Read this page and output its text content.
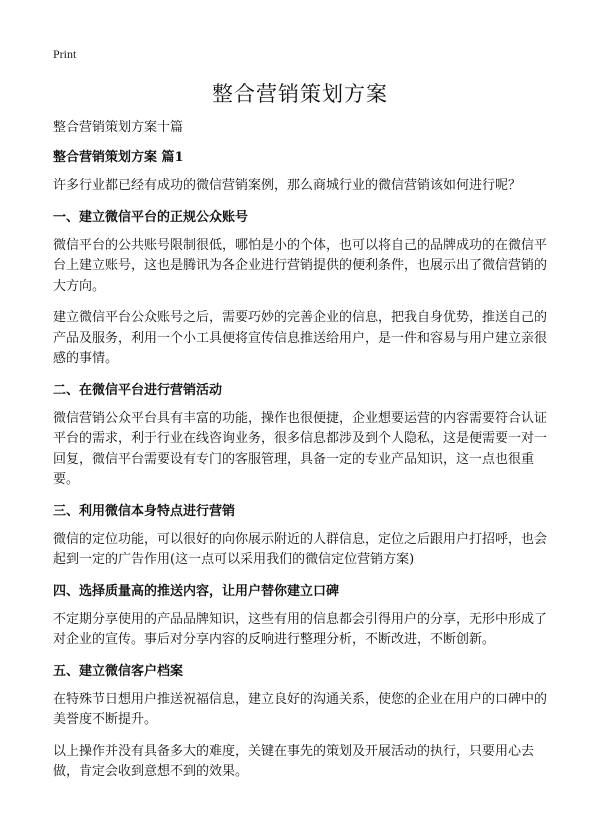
Print
整合营销策划方案

整合营销策划方案十篇

整合营销策划方案 篇1

许多行业都已经有成功的微信营销案例，那么商城行业的微信营销该如何进行呢？

一、建立微信平台的正规公众账号

微信平台的公共账号限制很低，哪怕是小的个体，也可以将自己的品牌成功的在微信平台上建立账号，这也是腾讯为各企业进行营销提供的便利条件，也展示出了微信营销的大方向。

建立微信平台公众账号之后，需要巧妙的完善企业的信息，把我自身优势，推送自己的产品及服务，利用一个小工具便将宣传信息推送给用户，是一件和容易与用户建立亲很感的事情。

二、在微信平台进行营销活动

微信营销公众平台具有丰富的功能，操作也很便捷，企业想要运营的内容需要符合认证平台的需求，利于行业在线咨询业务，很多信息都涉及到个人隐私，这是便需要一对一回复，微信平台需要设有专门的客服管理，具备一定的专业产品知识，这一点也很重要。

三、利用微信本身特点进行营销

微信的定位功能，可以很好的向你展示附近的人群信息，定位之后跟用户打招呼，也会起到一定的广告作用(这一点可以采用我们的微信定位营销方案)

四、选择质量高的推送内容，让用户替你建立口碑

不定期分享使用的产品品牌知识，这些有用的信息都会引得用户的分享，无形中形成了对企业的宣传。事后对分享内容的反响进行整理分析，不断改进，不断创新。

五、建立微信客户档案

在特殊节日想用户推送祝福信息，建立良好的沟通关系，使您的企业在用户的口碑中的美誉度不断提升。

以上操作并没有具备多大的难度，关键在事先的策划及开展活动的执行，只要用心去做，肯定会收到意想不到的效果。
